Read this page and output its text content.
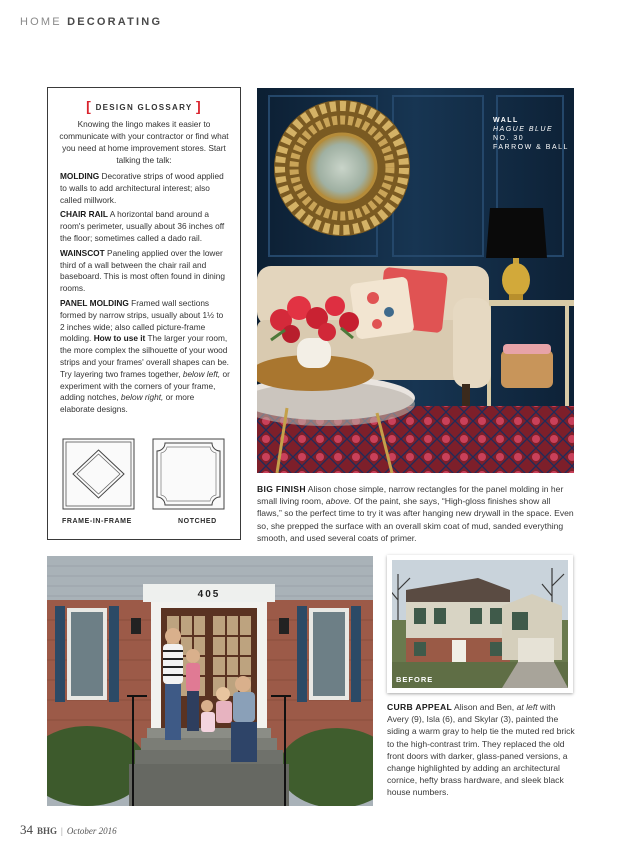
HOME DECORATING
[ DESIGN GLOSSARY ]

Knowing the lingo makes it easier to communicate with your contractor or find what you need at home improvement stores. Start talking the talk:

MOLDING Decorative strips of wood applied to walls to add architectural interest; also called millwork.

CHAIR RAIL A horizontal band around a room's perimeter, usually about 36 inches off the floor; sometimes called a dado rail.

WAINSCOT Paneling applied over the lower third of a wall between the chair rail and baseboard. This is most often found in dining rooms.

PANEL MOLDING Framed wall sections formed by narrow strips, usually about 1½ to 2 inches wide; also called picture-frame molding. How to use it The larger your room, the more complex the silhouette of your wood strips and your frames' overall shapes can be. Try layering two frames together, below left, or experiment with the corners of your frame, adding notches, below right, or more elaborate designs.

FRAME-IN-FRAME	NOTCHED
WALL
HAGUE BLUE
NO. 30
FARROW & BALL

BIG FINISH Alison chose simple, narrow rectangles for the panel molding in her small living room, above. Of the paint, she says, “High-gloss finishes show all flaws,” so the perfect time to try it was after hanging new drywall in the space. Even so, she prepped the surface with an overall skim coat of mud, sanded everything smooth, and used several coats of primer.

405
BEFORE

CURB APPEAL Alison and Ben, at left with Avery (9), Isla (6), and Skylar (3), painted the siding a warm gray to help tie the muted red brick to the high-contrast trim. They replaced the old front doors with darker, glass-paned versions, a change highlighted by adding an architectural cornice, hefty brass hardware, and sleek black house numbers.

34 BHG | October 2016
